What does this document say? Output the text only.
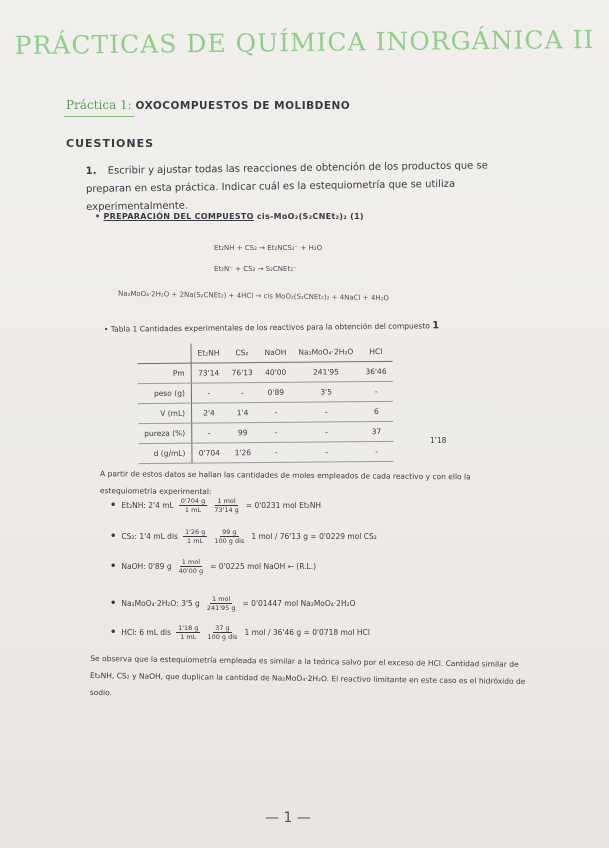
PRÁCTICAS DE QUÍMICA INORGÁNICA II
Práctica 1: OXOCOMPUESTOS DE MOLIBDENO
CUESTIONES
1. Escribir y ajustar todas las reacciones de obtención de los productos que se preparan en esta práctica. Indicar cuál es la estequiometría que se utiliza experimentalmente.
• PREPARACIÓN DEL COMPUESTO cis-MoO₂(S₂CNEt₂)₂ (1)
Et₂NH + CS₂ → Et₂NCS₂⁻ + H₂O
Et₂N⁻ + CS₂ → S₂CNEt₂⁻
Na₂MoO₄·2H₂O + 2Na(S₂CNEt₂) + 4HCl → cis MoO₂(S₂CNEt₂)₂ + 4NaCl + 4H₂O
• Tabla 1 Cantidades experimentales de los reactivos para la obtención del compuesto 1
	Et₂NH	CS₂	NaOH	Na₂MoO₄·2H₂O	HCl
Pm	73'14	76'13	40'00	241'95	36'46
peso (g)	-	-	0'89	3'5	-
V (mL)	2'4	1'4	-	-	6
pureza (%)	-	99	-	-	37
d (g/mL)	0'704	1'26	-	-	-
1'18
A partir de estos datos se hallan las cantidades de moles empleados de cada reactivo y con ello la estequiometría experimental:
• Et₂NH: 2'4 mL $\frac{0'704 g}{1 mL} \frac{\text{1 mol}}{73'14 g} = 0'0231$ mol Et₂NH
• CS₂: 1'4 mL dis $\frac{1'26 g}{1 mL} \frac{99 g}{\text{100 g dis}} 1$ mol / 76'13 g = 0'0229 mol CS₂
• NaOH: 0'89 g $\frac{\text{1 mol}}{40'00 g} = 0'0225$ mol NaOH ← (R.L.)
• Na₂MoO₄·2H₂O: 3'5 g $\frac{\text{1 mol}}{241'95 g} = 0'01447$ mol Na₂MoO₄·2H₂O
• HCl: 6 mL dis $\frac{1'18 g}{1 mL} \frac{37 g}{\text{100 g dis}} 1$ mol / 36'46 g = 0'0718 mol HCl
Se observa que la estequiometría empleada es similar a la teórica salvo por el exceso de HCl. Cantidad similar de Et₂NH, CS₂ y NaOH, que duplican la cantidad de Na₂MoO₄·2H₂O. El reactivo limitante en este caso es el hidróxido de sodio.
— 1 —
